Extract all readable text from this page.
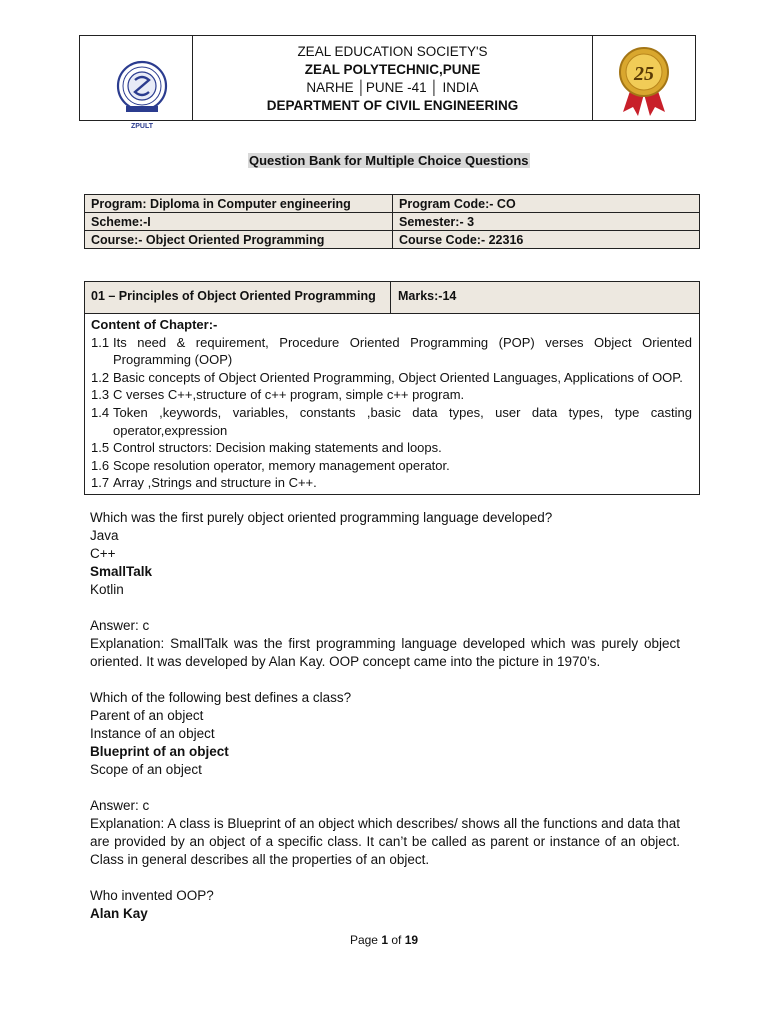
ZPULT
ZEAL EDUCATION SOCIETY'S
ZEAL POLYTECHNIC,PUNE
NARHE │PUNE -41 │ INDIA
DEPARTMENT OF CIVIL ENGINEERING
25
Question Bank for Multiple Choice Questions
Program: Diploma in Computer engineering	Program Code:- CO
Scheme:-I	Semester:- 3
Course:- Object Oriented Programming	Course Code:- 22316
01 – Principles of Object Oriented Programming	Marks:-14
Content of Chapter:-
1.1 Its need & requirement, Procedure Oriented Programming (POP) verses Object Oriented Programming (OOP)
1.2 Basic concepts of Object Oriented Programming, Object Oriented Languages, Applications of OOP.
1.3 C verses C++,structure of c++ program, simple c++ program.
1.4 Token ,keywords, variables, constants ,basic data types, user data types, type casting operator,expression
1.5 Control structors: Decision making statements and loops.
1.6 Scope resolution operator, memory management operator.
1.7 Array ,Strings and structure in C++.

Which was the first purely object oriented programming language developed?

Java

C++

SmallTalk

Kotlin

Answer: c

Explanation: SmallTalk was the first programming language developed which was purely object oriented. It was developed by Alan Kay. OOP concept came into the picture in 1970’s.

Which of the following best defines a class?

Parent of an object

Instance of an object

Blueprint of an object

Scope of an object

Answer: c

Explanation: A class is Blueprint of an object which describes/ shows all the functions and data that are provided by an object of a specific class. It can’t be called as parent or instance of an object. Class in general describes all the properties of an object.

Who invented OOP?

Alan Kay

Page 1 of 19
